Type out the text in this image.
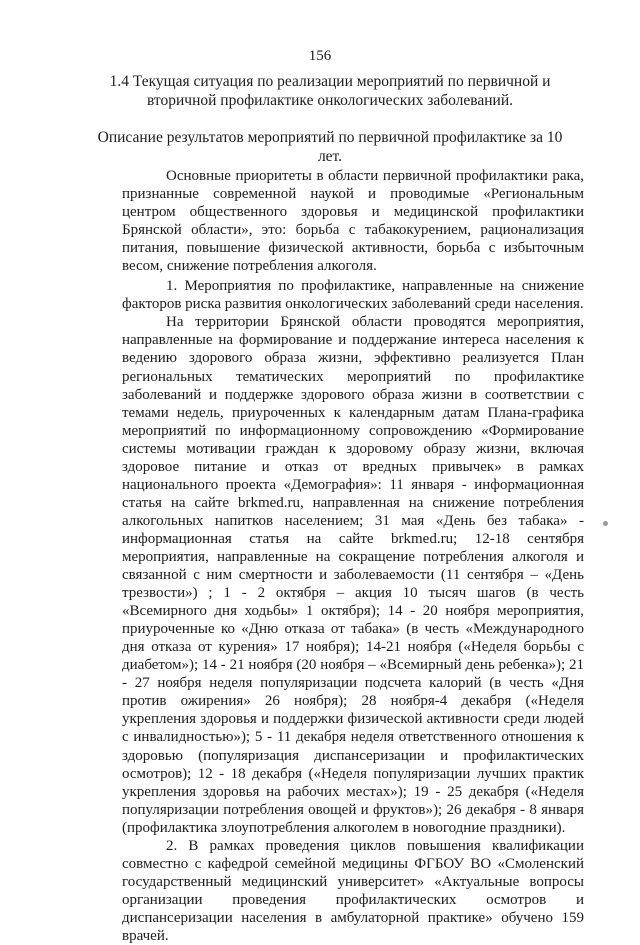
156
1.4 Текущая ситуация по реализации мероприятий по первичной и вторичной профилактике онкологических заболеваний.
Описание результатов мероприятий по первичной профилактике за 10 лет.

Основные приоритеты в области первичной профилактики рака, признанные современной наукой и проводимые «Региональным центром общественного здоровья и медицинской профилактики Брянской области», это: борьба с табакокурением, рационализация питания, повышение физической активности, борьба с избыточным весом, снижение потребления алкоголя.

1. Мероприятия по профилактике, направленные на снижение факторов риска развития онкологических заболеваний среди населения.

На территории Брянской области проводятся мероприятия, направленные на формирование и поддержание интереса населения к ведению здорового образа жизни, эффективно реализуется План региональных тематических мероприятий по профилактике заболеваний и поддержке здорового образа жизни в соответствии с темами недель, приуроченных к календарным датам Плана-графика мероприятий по информационному сопровождению «Формирование системы мотивации граждан к здоровому образу жизни, включая здоровое питание и отказ от вредных привычек» в рамках национального проекта «Демография»: 11 января - информационная статья на сайте brkmed.ru, направленная на снижение потребления алкогольных напитков населением; 31 мая «День без табака» - информационная статья на сайте brkmed.ru; 12-18 сентября мероприятия, направленные на сокращение потребления алкоголя и связанной с ним смертности и заболеваемости (11 сентября – «День трезвости») ; 1 - 2 октября – акция 10 тысяч шагов (в честь «Всемирного дня ходьбы» 1 октября); 14 - 20 ноября мероприятия, приуроченные ко «Дню отказа от табака» (в честь «Международного дня отказа от курения» 17 ноября); 14-21 ноября («Неделя борьбы с диабетом»); 14 - 21 ноября (20 ноября – «Всемирный день ребенка»); 21 - 27 ноября неделя популяризации подсчета калорий (в честь «Дня против ожирения» 26 ноября); 28 ноября-4 декабря («Неделя укрепления здоровья и поддержки физической активности среди людей с инвалидностью»); 5 - 11 декабря неделя ответственного отношения к здоровью (популяризация диспансеризации и профилактических осмотров); 12 - 18 декабря («Неделя популяризации лучших практик укрепления здоровья на рабочих местах»); 19 - 25 декабря («Неделя популяризации потребления овощей и фруктов»); 26 декабря - 8 января (профилактика злоупотребления алкоголем в новогодние праздники).

2. В рамках проведения циклов повышения квалификации совместно с кафедрой семейной медицины ФГБОУ ВО «Смоленский государственный медицинский университет» «Актуальные вопросы организации проведения профилактических осмотров и диспансеризации населения в амбулаторной практике» обучено 159 врачей.
